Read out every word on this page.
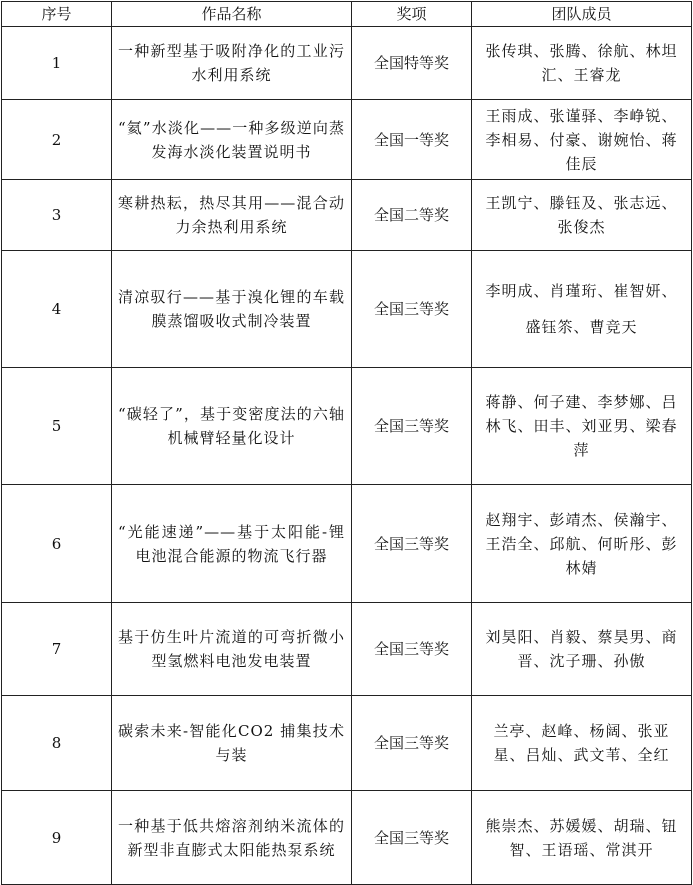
序号	作品名称	奖项	团队成员
1	一种新型基于吸附净化的工业污水利用系统	全国特等奖	张传琪、张腾、徐航、林坦汇、王睿龙
2	“氦”水淡化——一种多级逆向蒸发海水淡化装置说明书	全国一等奖	王雨成、张谨驿、李峥锐、李相易、付豪、谢婉怡、蒋佳辰
3	寒耕热耘，热尽其用——混合动力余热利用系统	全国二等奖	王凯宁、滕钰及、张志远、张俊杰
4	清凉驭行——基于溴化锂的车载膜蒸馏吸收式制冷装置	全国三等奖	李明成、肖瑾珩、崔智妍、盛钰䇣、曹竞天
5	“碳轻了”，基于变密度法的六轴机械臂轻量化设计	全国三等奖	蒋静、何子建、李梦娜、吕林飞、田丰、刘亚男、梁春萍
6	“光能速递”——基于太阳能-锂电池混合能源的物流飞行器	全国三等奖	赵翔宇、彭靖杰、侯瀚宇、王浩全、邱航、何昕彤、彭林婧
7	基于仿生叶片流道的可弯折微小型氢燃料电池发电装置	全国三等奖	刘昊阳、肖毅、蔡昊男、商晋、沈子珊、孙傲
8	碳索未来-智能化CO2 捕集技术与装	全国三等奖	兰亭、赵峰、杨阔、张亚星、吕灿、武文苇、全红
9	一种基于低共熔溶剂纳米流体的新型非直膨式太阳能热泵系统	全国三等奖	熊崇杰、苏媛媛、胡瑞、钮智、王语瑶、常淇开
